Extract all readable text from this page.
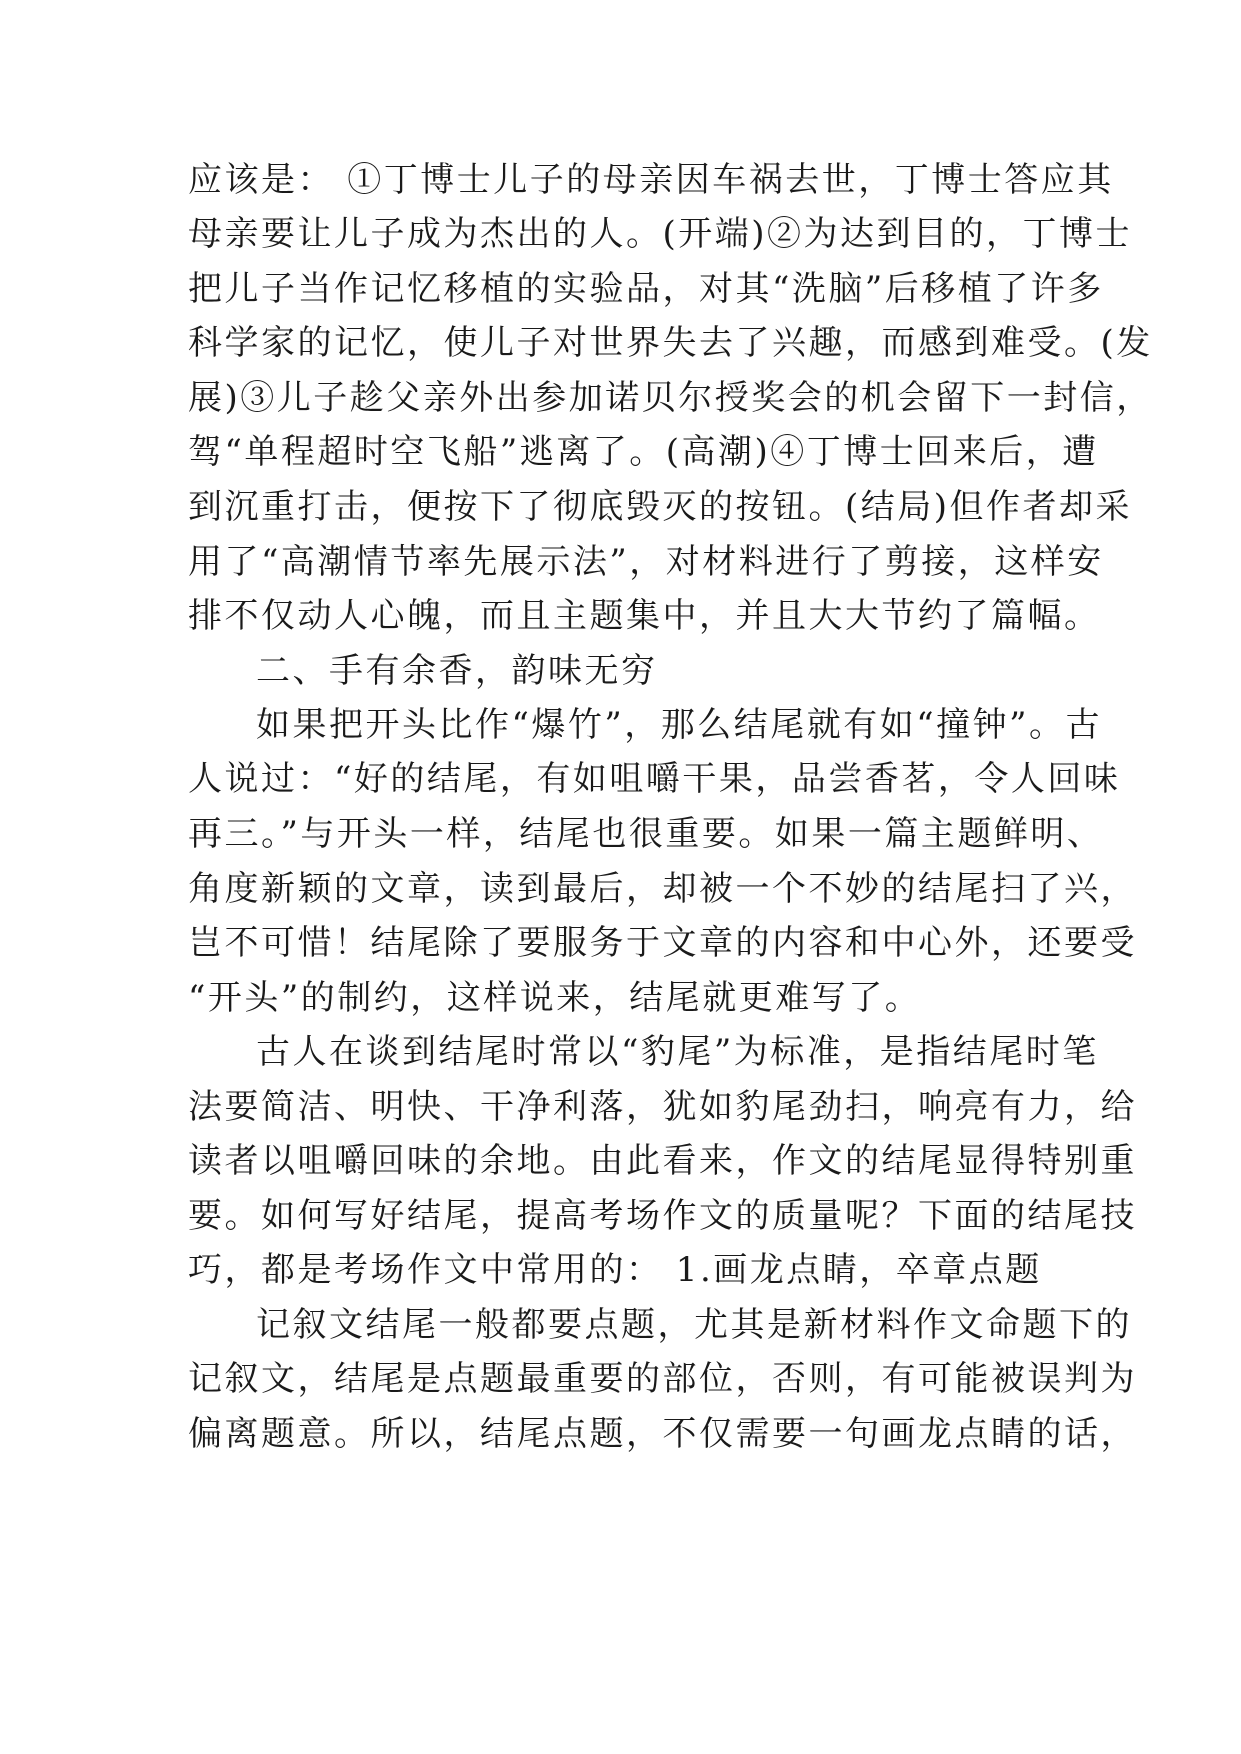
应该是： ①丁博士儿子的母亲因车祸去世，丁博士答应其
母亲要让儿子成为杰出的人。(开端)②为达到目的，丁博士
把儿子当作记忆移植的实验品，对其“洗脑”后移植了许多
科学家的记忆，使儿子对世界失去了兴趣，而感到难受。(发
展)③儿子趁父亲外出参加诺贝尔授奖会的机会留下一封信，
驾“单程超时空飞船”逃离了。(高潮)④丁博士回来后，遭
到沉重打击，便按下了彻底毁灭的按钮。(结局)但作者却采
用了“高潮情节率先展示法”，对材料进行了剪接，这样安
排不仅动人心魄，而且主题集中，并且大大节约了篇幅。
二、手有余香，韵味无穷
如果把开头比作“爆竹”，那么结尾就有如“撞钟”。古
人说过：“好的结尾，有如咀嚼干果，品尝香茗，令人回味
再三。”与开头一样，结尾也很重要。如果一篇主题鲜明、
角度新颖的文章，读到最后，却被一个不妙的结尾扫了兴，
岂不可惜！结尾除了要服务于文章的内容和中心外，还要受
“开头”的制约，这样说来，结尾就更难写了。
古人在谈到结尾时常以“豹尾”为标准，是指结尾时笔
法要简洁、明快、干净利落，犹如豹尾劲扫，响亮有力，给
读者以咀嚼回味的余地。由此看来，作文的结尾显得特别重
要。如何写好结尾，提高考场作文的质量呢？下面的结尾技
巧，都是考场作文中常用的： 1.画龙点睛，卒章点题
记叙文结尾一般都要点题，尤其是新材料作文命题下的
记叙文，结尾是点题最重要的部位，否则，有可能被误判为
偏离题意。所以，结尾点题，不仅需要一句画龙点睛的话，
